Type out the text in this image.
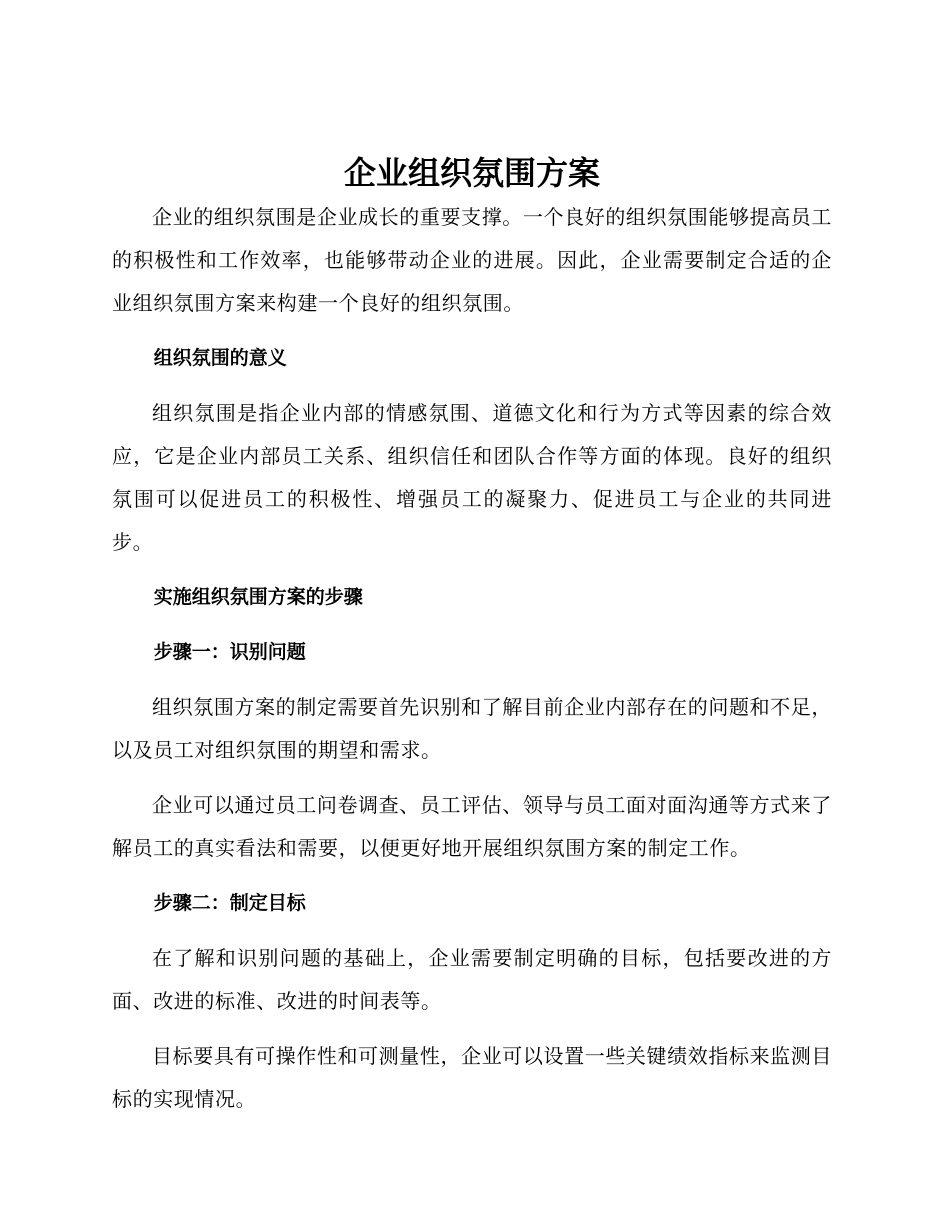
企业组织氛围方案

企业的组织氛围是企业成长的重要支撑。一个良好的组织氛围能够提高员工的积极性和工作效率，也能够带动企业的进展。因此，企业需要制定合适的企业组织氛围方案来构建一个良好的组织氛围。

组织氛围的意义

组织氛围是指企业内部的情感氛围、道德文化和行为方式等因素的综合效应，它是企业内部员工关系、组织信任和团队合作等方面的体现。良好的组织氛围可以促进员工的积极性、增强员工的凝聚力、促进员工与企业的共同进步。

实施组织氛围方案的步骤
步骤一：识别问题

组织氛围方案的制定需要首先识别和了解目前企业内部存在的问题和不足，以及员工对组织氛围的期望和需求。

企业可以通过员工问卷调查、员工评估、领导与员工面对面沟通等方式来了解员工的真实看法和需要，以便更好地开展组织氛围方案的制定工作。

步骤二：制定目标

在了解和识别问题的基础上，企业需要制定明确的目标，包括要改进的方面、改进的标准、改进的时间表等。

目标要具有可操作性和可测量性，企业可以设置一些关键绩效指标来监测目标的实现情况。
